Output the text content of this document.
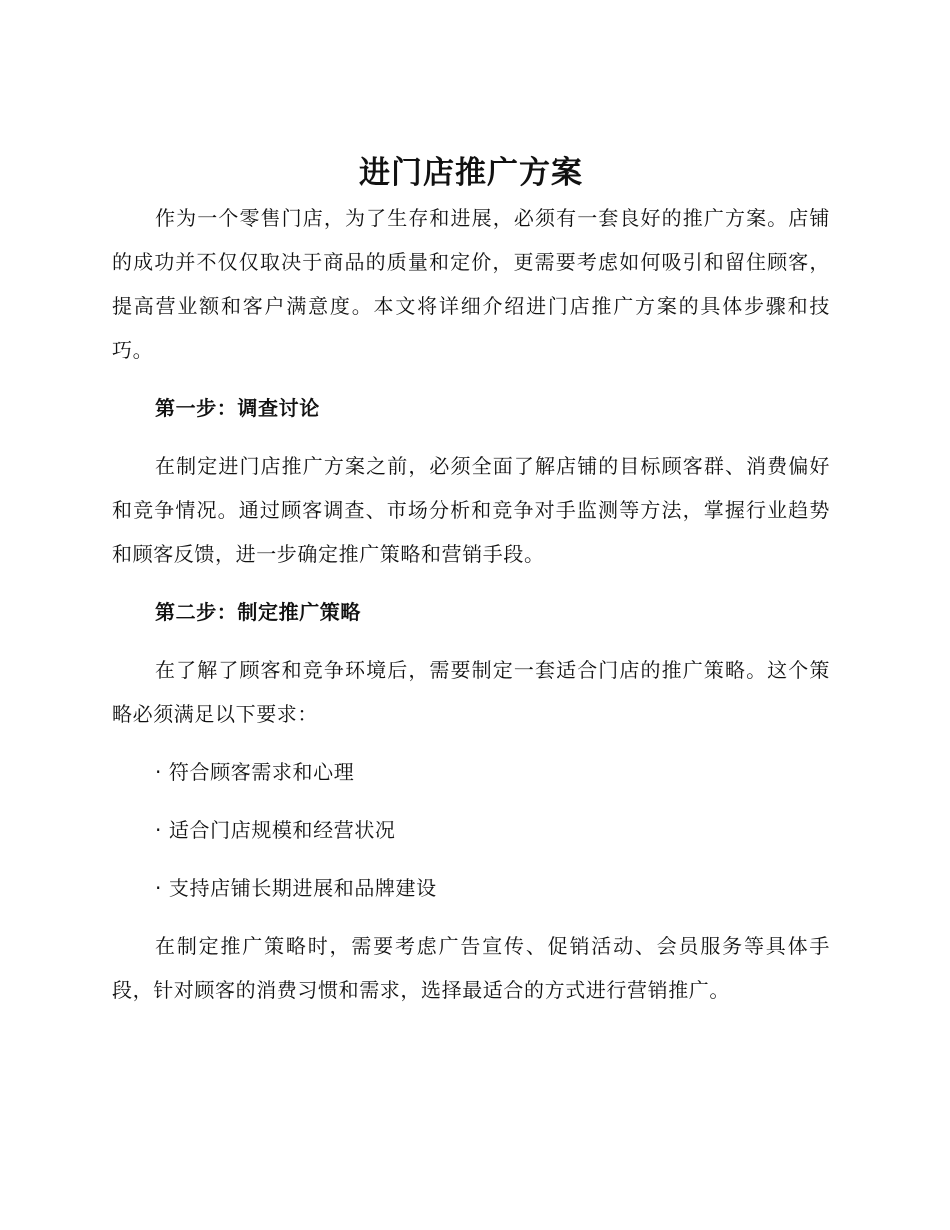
进门店推广方案

作为一个零售门店，为了生存和进展，必须有一套良好的推广方案。店铺的成功并不仅仅取决于商品的质量和定价，更需要考虑如何吸引和留住顾客，提高营业额和客户满意度。本文将详细介绍进门店推广方案的具体步骤和技巧。

第一步：调查讨论

在制定进门店推广方案之前，必须全面了解店铺的目标顾客群、消费偏好和竞争情况。通过顾客调查、市场分析和竞争对手监测等方法，掌握行业趋势和顾客反馈，进一步确定推广策略和营销手段。

第二步：制定推广策略

在了解了顾客和竞争环境后，需要制定一套适合门店的推广策略。这个策略必须满足以下要求：

· 符合顾客需求和心理
· 适合门店规模和经营状况
· 支持店铺长期进展和品牌建设

在制定推广策略时，需要考虑广告宣传、促销活动、会员服务等具体手段，针对顾客的消费习惯和需求，选择最适合的方式进行营销推广。
